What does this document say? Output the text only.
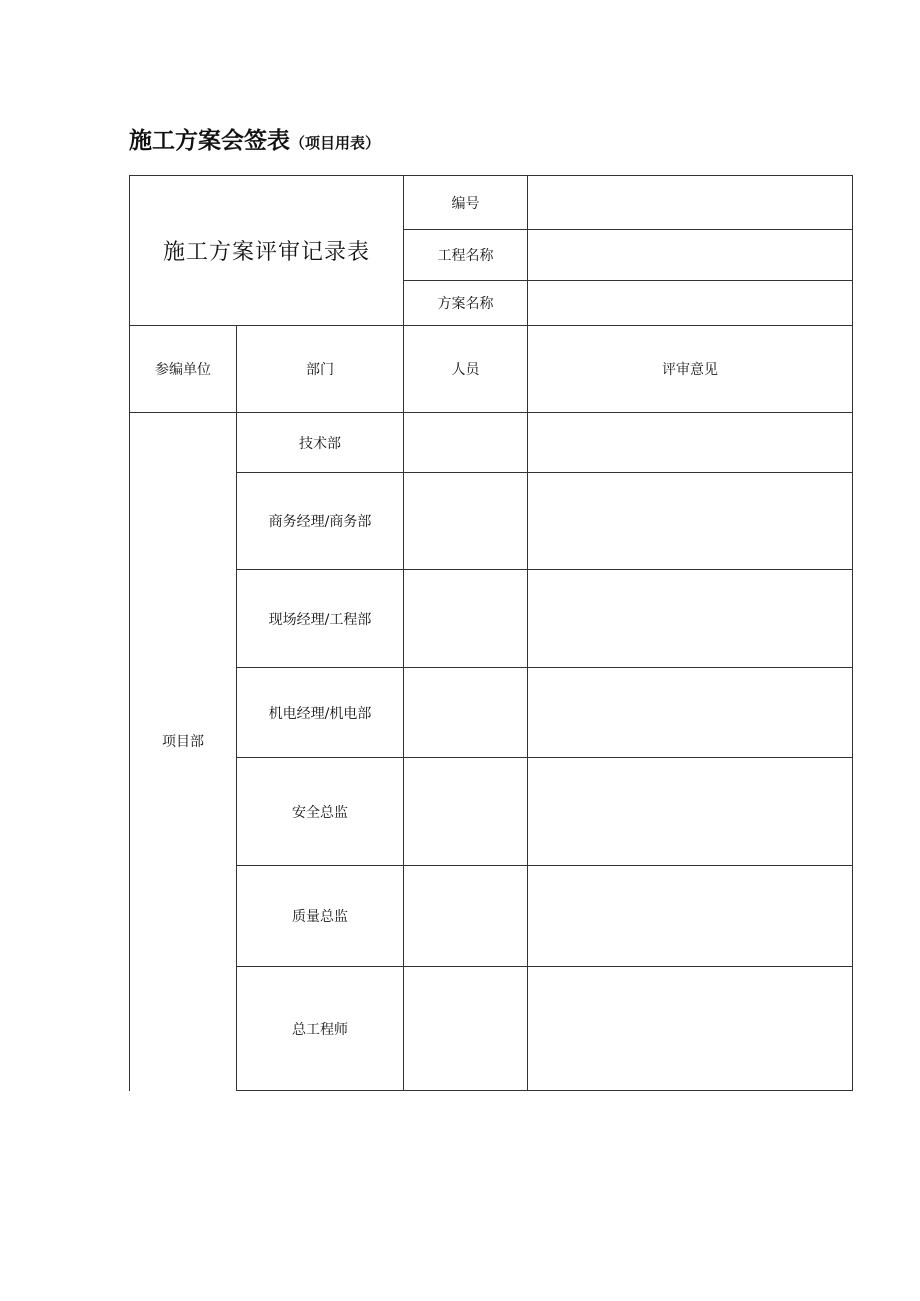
施工方案会签表（项目用表）
施工方案评审记录表		编号	
		工程名称	
		方案名称	
参编单位	部门	人员	评审意见
项目部	技术部		
	商务经理/商务部		
	现场经理/工程部		
	机电经理/机电部		
	安全总监		
	质量总监		
	总工程师		
